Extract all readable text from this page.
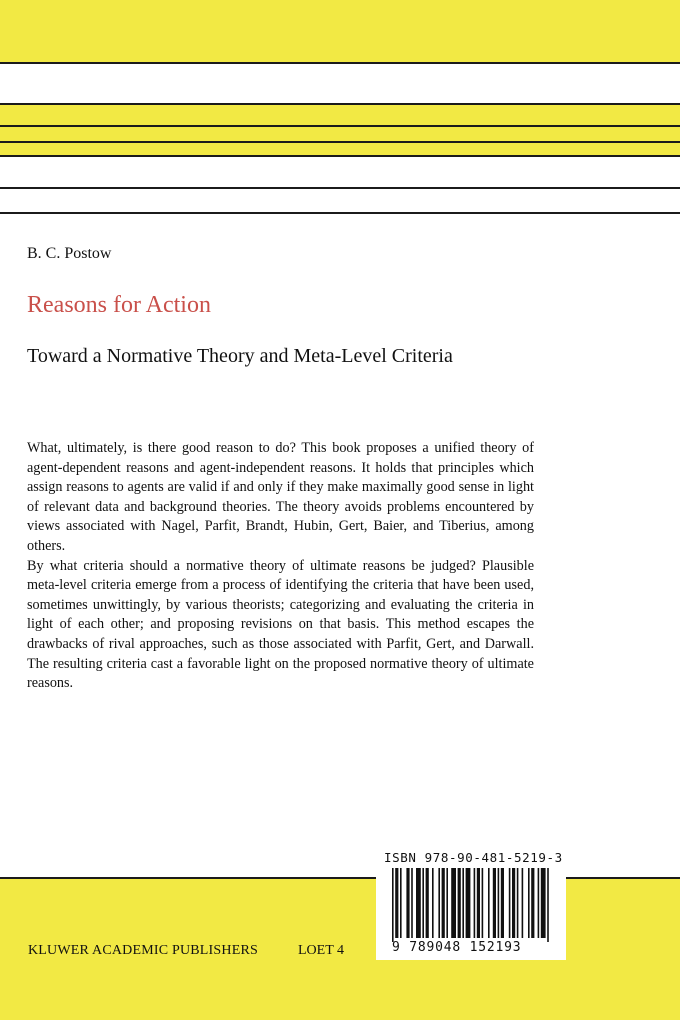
B. C. Postow
Reasons for Action
Toward a Normative Theory and Meta-Level Criteria

What, ultimately, is there good reason to do? This book proposes a unified theory of agent-dependent reasons and agent-independent reasons. It holds that principles which assign reasons to agents are valid if and only if they make maximally good sense in light of relevant data and background theories. The theory avoids problems encountered by views associated with Nagel, Parfit, Brandt, Hubin, Gert, Baier, and Tiberius, among others.

By what criteria should a normative theory of ultimate reasons be judged? Plausible meta-level criteria emerge from a process of identifying the criteria that have been used, sometimes unwittingly, by various theorists; categorizing and evaluating the criteria in light of each other; and proposing revisions on that basis. This method escapes the drawbacks of rival approaches, such as those associated with Parfit, Gert, and Darwall. The resulting criteria cast a favorable light on the proposed normative theory of ultimate reasons.

ISBN 978-90-481-5219-3
9 789048 152193
KLUWER ACADEMIC PUBLISHERS	LOET 4
